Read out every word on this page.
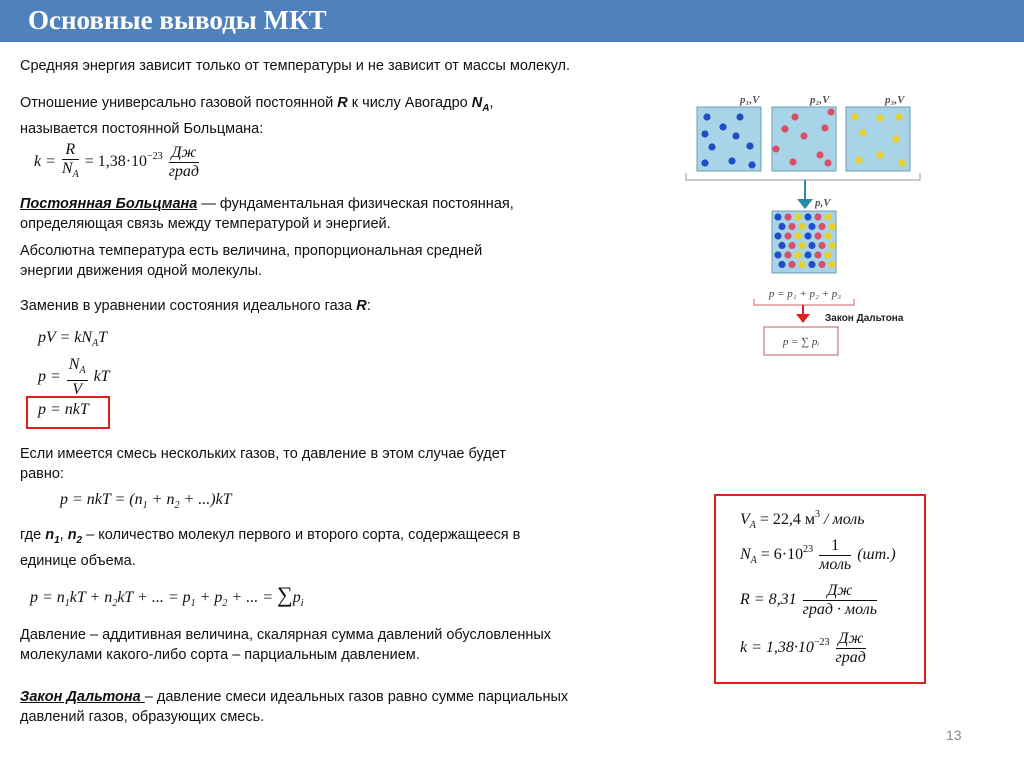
Основные выводы МКТ
Средняя энергия зависит только от температуры и не зависит от массы молекул.
Отношение универсально газовой постоянной R к числу Авогадро $N_A$,
называется постоянной Больцмана:
$k = \frac{R}{N_A} = 1,38\cdot 10^{-23} \frac{Дж}{\text{град}}$
Постоянная Больцмана — фундаментальная физическая постоянная,
определяющая связь между температурой и энергией.
Абсолютна температура есть величина, пропорциональная средней
энергии движения одной молекулы.
Заменив в уравнении состояния идеального газа R:
pV = $kN_AT$
$p = \frac{N_A}{V}$ kT
p = nkT
Если имеется смесь нескольких газов, то давление в этом случае будет
равно:
p = nkT = $(n_1 + n_2 + ...)kT$
где $n_1$, $n_2$ – количество молекул первого и второго сорта, содержащееся в
единице объема.
$p = n_1kT + n_2kT$ + ... = $p_1 + p_2$ + ... = $\sum p_i$
Давление – аддитивная величина, скалярная сумма давлений обусловленных
молекулами какого-либо сорта – парциальным давлением.
Закон Дальтона – давление смеси идеальных газов равно сумме парциальных
давлений газов, образующих смесь.
p₁,V	p₂,V	p₃,V
p,V
p = p₁ + p₂ + p₃
Закон Дальтона
p = ∑ pᵢ
$V_A = 22,4$ $м^3$ / моль
$N_A = 6\cdot 10^{23} \frac{1}{\text{моль}} (шт.)$
$R = 8,31 \frac{Дж}{\text{град · моль}}$
$k = 1,38\cdot 10^{-23} \frac{Дж}{\text{град}}$
13
